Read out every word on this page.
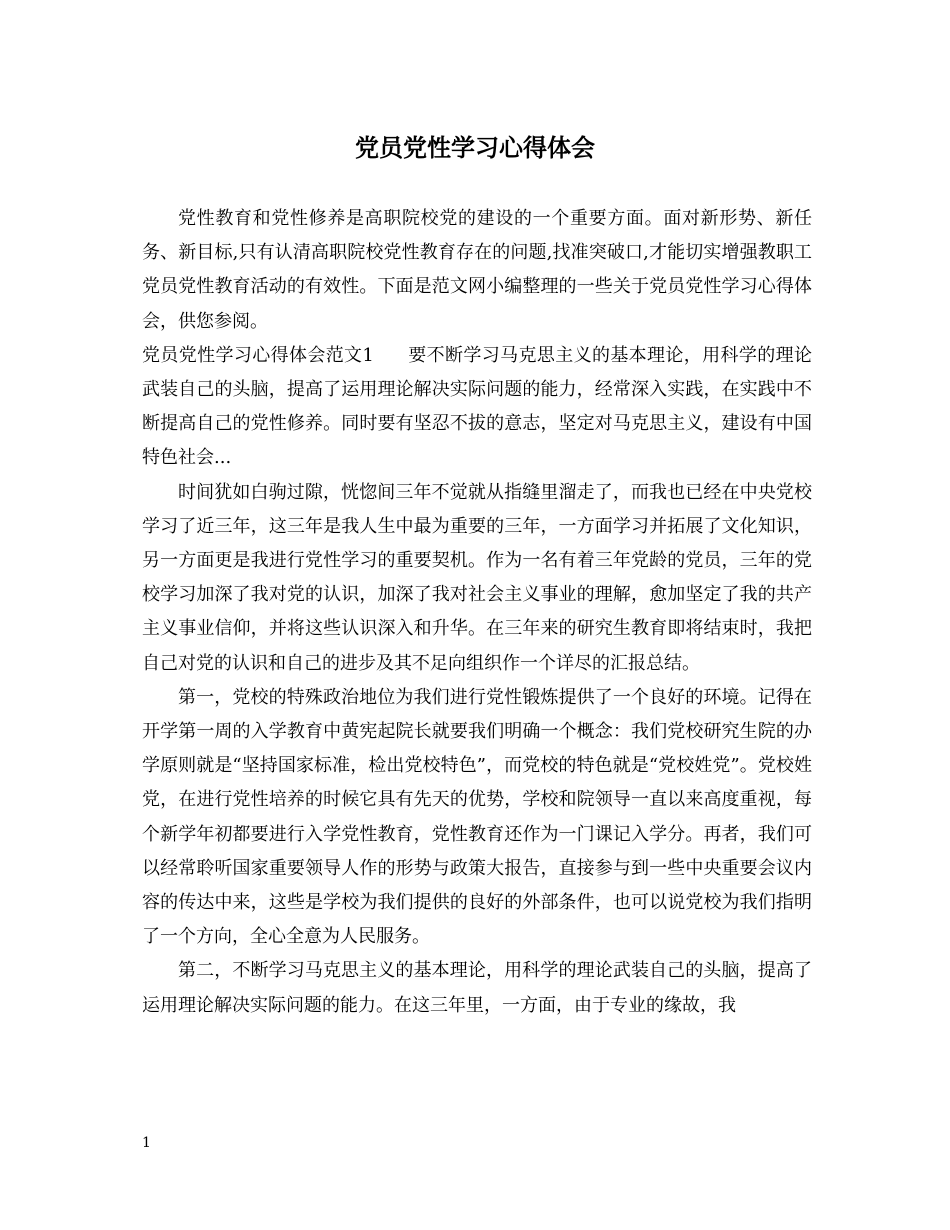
党员党性学习心得体会

党性教育和党性修养是高职院校党的建设的一个重要方面。面对新形势、新任务、新目标,只有认清高职院校党性教育存在的问题,找准突破口,才能切实增强教职工党员党性教育活动的有效性。下面是范文网小编整理的一些关于党员党性学习心得体会，供您参阅。

党员党性学习心得体会范文1 要不断学习马克思主义的基本理论，用科学的理论武装自己的头脑，提高了运用理论解决实际问题的能力，经常深入实践，在实践中不断提高自己的党性修养。同时要有坚忍不拔的意志，坚定对马克思主义，建设有中国特色社会...

时间犹如白驹过隙，恍惚间三年不觉就从指缝里溜走了，而我也已经在中央党校学习了近三年，这三年是我人生中最为重要的三年，一方面学习并拓展了文化知识，另一方面更是我进行党性学习的重要契机。作为一名有着三年党龄的党员，三年的党校学习加深了我对党的认识，加深了我对社会主义事业的理解，愈加坚定了我的共产主义事业信仰，并将这些认识深入和升华。在三年来的研究生教育即将结束时，我把自己对党的认识和自己的进步及其不足向组织作一个详尽的汇报总结。

第一，党校的特殊政治地位为我们进行党性锻炼提供了一个良好的环境。记得在开学第一周的入学教育中黄宪起院长就要我们明确一个概念：我们党校研究生院的办学原则就是“坚持国家标准，检出党校特色”，而党校的特色就是“党校姓党”。党校姓党，在进行党性培养的时候它具有先天的优势，学校和院领导一直以来高度重视，每个新学年初都要进行入学党性教育，党性教育还作为一门课记入学分。再者，我们可以经常聆听国家重要领导人作的形势与政策大报告，直接参与到一些中央重要会议内容的传达中来，这些是学校为我们提供的良好的外部条件，也可以说党校为我们指明了一个方向，全心全意为人民服务。

第二，不断学习马克思主义的基本理论，用科学的理论武装自己的头脑，提高了运用理论解决实际问题的能力。在这三年里，一方面，由于专业的缘故，我

1
